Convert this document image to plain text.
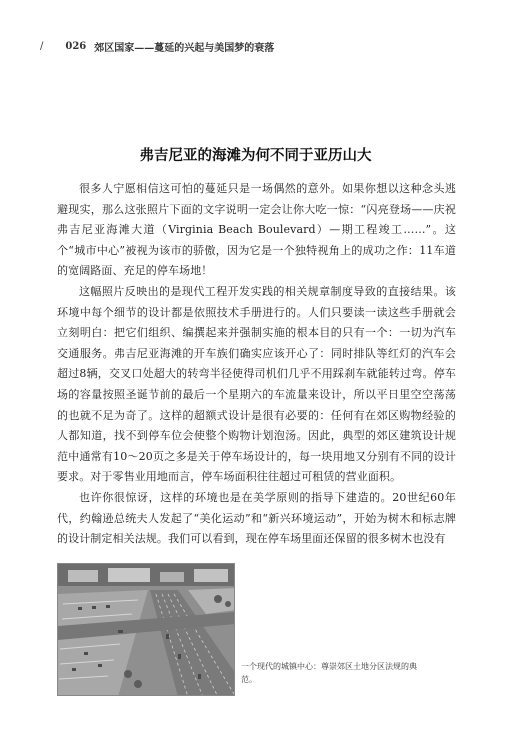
/ 026 郊区国家——蔓延的兴起与美国梦的衰落
弗吉尼亚的海滩为何不同于亚历山大

很多人宁愿相信这可怕的蔓延只是一场偶然的意外。如果你想以这种念头逃避现实，那么这张照片下面的文字说明一定会让你大吃一惊：“闪亮登场——庆祝弗吉尼亚海滩大道（Virginia Beach Boulevard）—期工程竣工……”。这个“城市中心”被视为该市的骄傲，因为它是一个独特视角上的成功之作：11车道的宽阔路面、充足的停车场地！

这幅照片反映出的是现代工程开发实践的相关规章制度导致的直接结果。该环境中每个细节的设计都是依照技术手册进行的。人们只要读一读这些手册就会立刻明白：把它们组织、编撰起来并强制实施的根本目的只有一个：一切为汽车交通服务。弗吉尼亚海滩的开车族们确实应该开心了：同时排队等红灯的汽车会超过8辆，交叉口处超大的转弯半径使得司机们几乎不用踩刹车就能转过弯。停车场的容量按照圣诞节前的最后一个星期六的车流量来设计，所以平日里空空荡荡的也就不足为奇了。这样的超额式设计是很有必要的：任何有在郊区购物经验的人都知道，找不到停车位会使整个购物计划泡汤。因此，典型的郊区建筑设计规范中通常有10～20页之多是关于停车场设计的，每一块用地又分别有不同的设计要求。对于零售业用地而言，停车场面积往往超过可租赁的营业面积。

也许你很惊讶，这样的环境也是在美学原则的指导下建造的。20世纪60年代，约翰逊总统夫人发起了“美化运动”和“新兴环境运动”，开始为树木和标志牌的设计制定相关法规。我们可以看到，现在停车场里面还保留的很多树木也没有

一个现代的城镇中心：尊崇郊区土地分区法规的典范。
